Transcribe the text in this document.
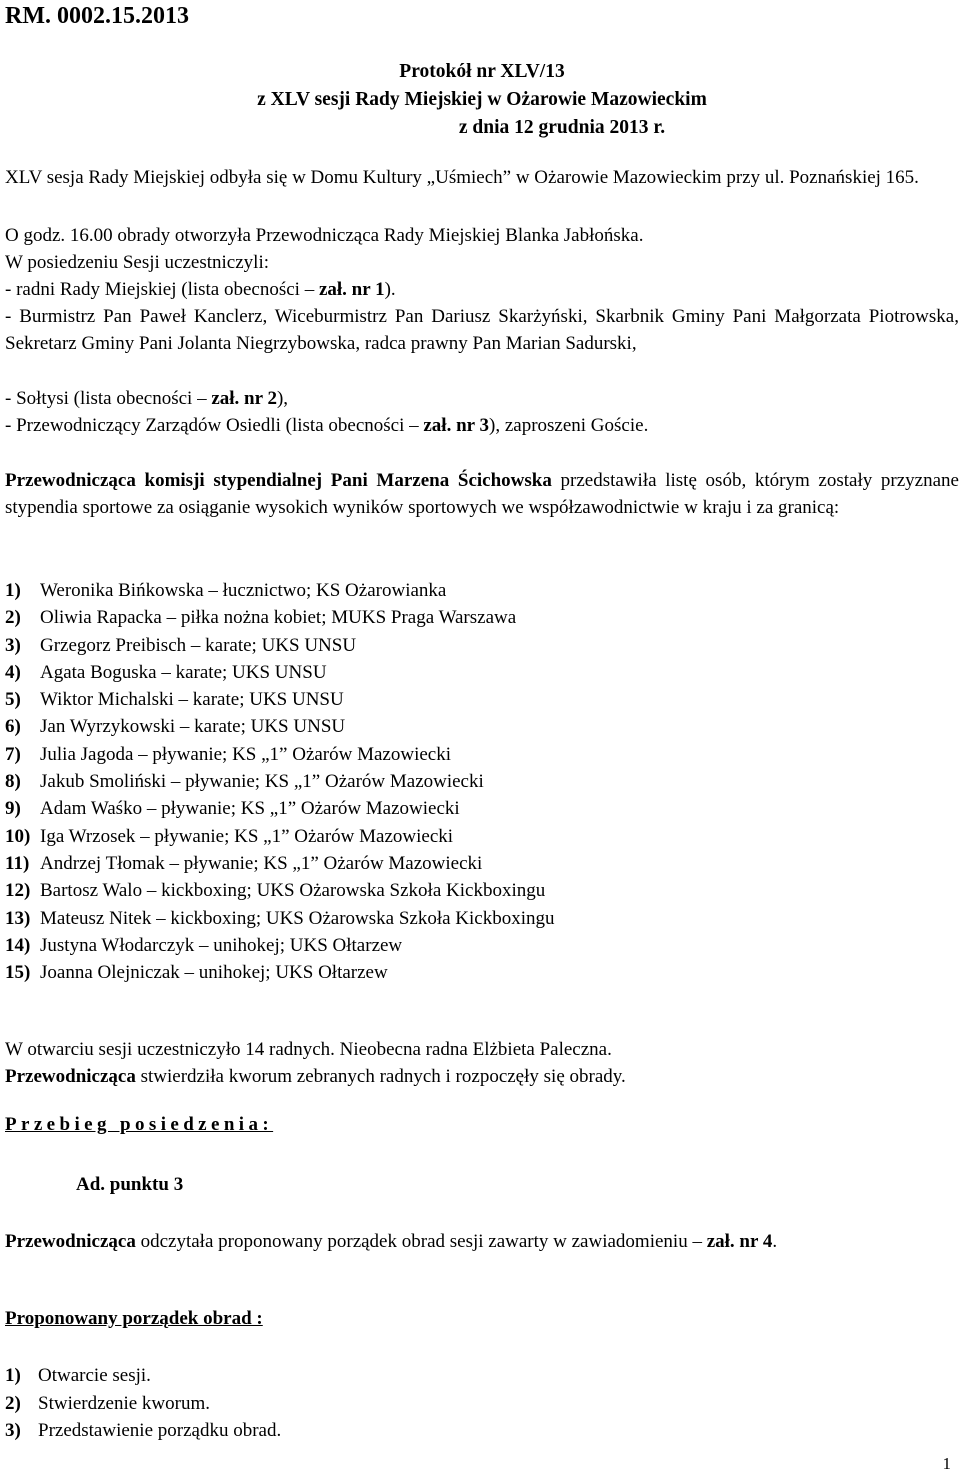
RM. 0002.15.2013
Protokół nr XLV/13
z XLV sesji Rady Miejskiej w Ożarowie Mazowieckim
z dnia 12 grudnia 2013 r.
XLV sesja Rady Miejskiej odbyła się w Domu Kultury „Uśmiech” w Ożarowie Mazowieckim przy ul. Poznańskiej 165.
O godz. 16.00 obrady otworzyła Przewodnicząca Rady Miejskiej Blanka Jabłońska.
W posiedzeniu Sesji uczestniczyli:
- radni Rady Miejskiej (lista obecności – zał. nr 1).
- Burmistrz Pan Paweł Kanclerz, Wiceburmistrz Pan Dariusz Skarżyński, Skarbnik Gminy Pani Małgorzata Piotrowska, Sekretarz Gminy Pani Jolanta Niegrzybowska, radca prawny Pan Marian Sadurski,
- Sołtysi (lista obecności – zał. nr 2),
- Przewodniczący Zarządów Osiedli (lista obecności – zał. nr 3), zaproszeni Goście.
Przewodnicząca komisji stypendialnej Pani Marzena Ścichowska przedstawiła listę osób, którym zostały przyznane stypendia sportowe za osiąganie wysokich wyników sportowych we współzawodnictwie w kraju i za granicą:
1) Weronika Bińkowska – łucznictwo; KS Ożarowianka
2) Oliwia Rapacka – piłka nożna kobiet; MUKS Praga Warszawa
3) Grzegorz Preibisch – karate; UKS UNSU
4) Agata Boguska – karate; UKS UNSU
5) Wiktor Michalski – karate; UKS UNSU
6) Jan Wyrzykowski – karate; UKS UNSU
7) Julia Jagoda – pływanie; KS „1” Ożarów Mazowiecki
8) Jakub Smoliński – pływanie; KS „1” Ożarów Mazowiecki
9) Adam Waśko – pływanie; KS „1” Ożarów Mazowiecki
10) Iga Wrzosek – pływanie; KS „1” Ożarów Mazowiecki
11) Andrzej Tłomak – pływanie; KS „1” Ożarów Mazowiecki
12) Bartosz Walo – kickboxing; UKS Ożarowska Szkoła Kickboxingu
13) Mateusz Nitek – kickboxing; UKS Ożarowska Szkoła Kickboxingu
14) Justyna Włodarczyk – unihokej; UKS Ołtarzew
15) Joanna Olejniczak – unihokej; UKS Ołtarzew
W otwarciu sesji uczestniczyło 14 radnych. Nieobecna radna Elżbieta Paleczna.
Przewodnicząca stwierdziła kworum zebranych radnych i rozpoczęły się obrady.
Przebieg posiedzenia:
Ad. punktu 3
Przewodnicząca odczytała proponowany porządek obrad sesji zawarty w zawiadomieniu – zał. nr 4.
Proponowany porządek obrad :
1) Otwarcie sesji.
2) Stwierdzenie kworum.
3) Przedstawienie porządku obrad.
1
